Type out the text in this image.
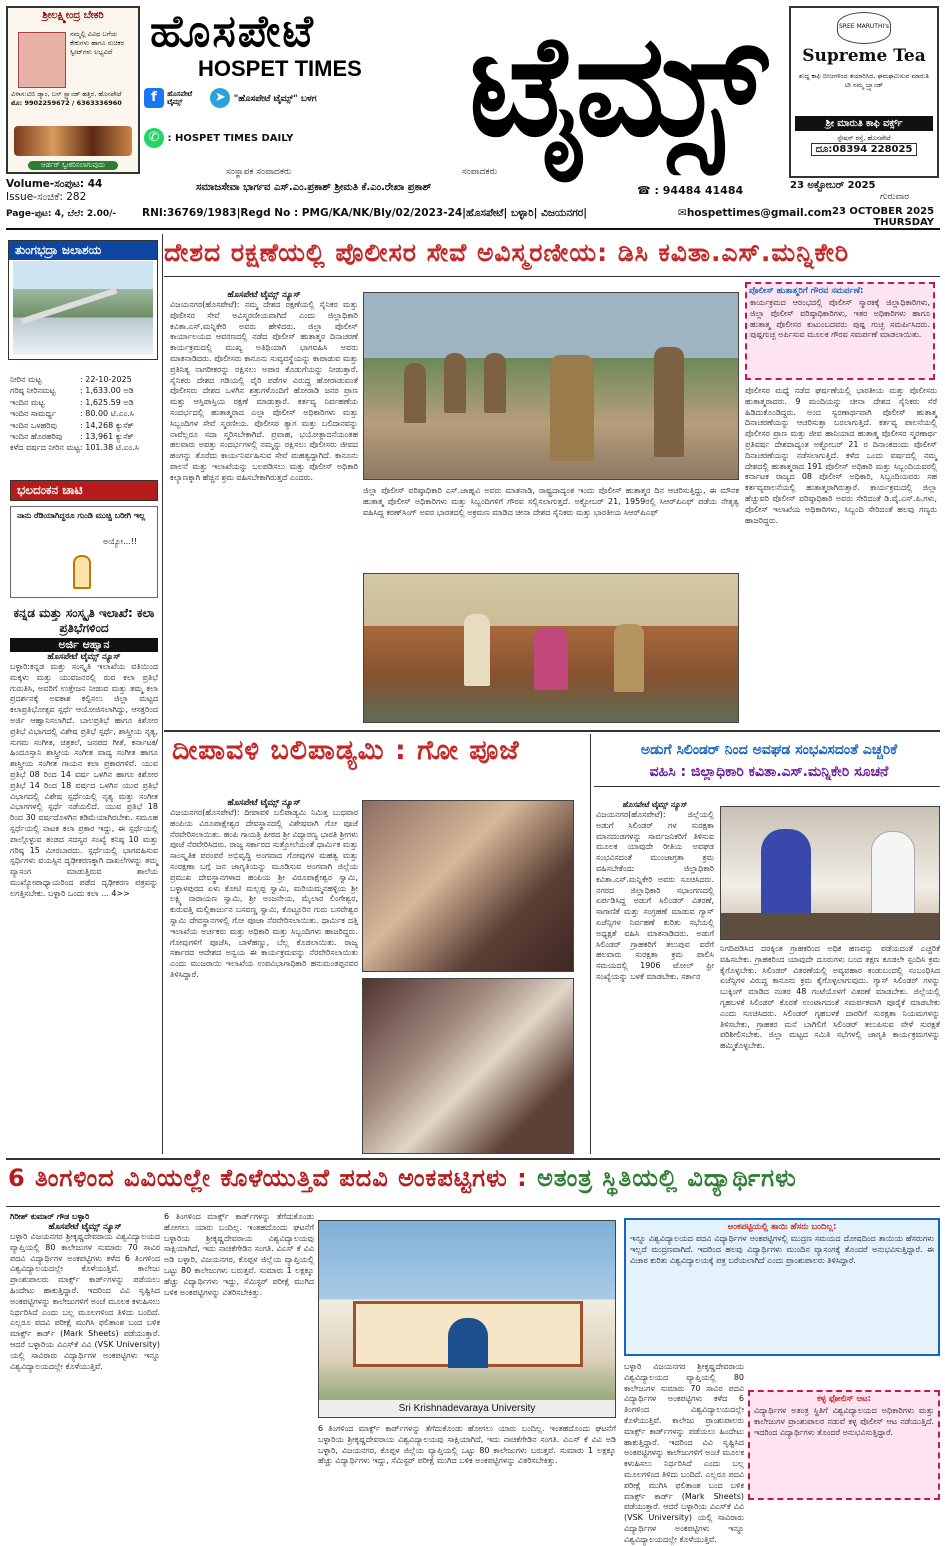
ಶ್ರೀಲಕ್ಷ್ಮೀಂದ್ರ ಬೇಕರಿ
ನಮ್ಮಲ್ಲಿ ವಿವಿಧ ಬಗೆಯ ಕೇಕುಗಳು ಹಾಗೂ ರುಚಿಕರ ಸ್ವೀಟ್‌ಗಳು ಲಭ್ಯವಿದೆ
ವಿಳಾಸ:ಟಿಬಿ ಡ್ಯಾಂ, ಬಸ್ ಸ್ಟ್ಯಾಂಡ್ ಹತ್ತಿರ, ಹೊಸಪೇಟೆ
ಮೊ: 9902259672 / 6363336960
ಆರ್ಡರ್ ಸ್ವೀಕರಿಸಲಾಗುವುದು
ಹೊಸಪೇಟೆ
HOSPET TIMES ಟೈಮ್ಸ್
f ಹೊಸಪೇಟೆ ಟೈಮ್ಸ್	➤ "ಹೊಸಪೇಟೆ ಟೈಮ್ಸ್" ಬಳಗ
✆ : HOSPET TIMES DAILY
SREE MARUTHI's
Supreme Tea
ಶುದ್ಧ ಕಾಫಿ ಬೀಜಗಳಿಂದ ತಯಾರಿಸಿದ, ಘಮಘಮಿಸುವ ಮಾರುತಿ ಟೀ ನಮ್ಮ ಬ್ರ್ಯಾಂಡ್
ಶ್ರೀ ಮಾರುತಿ ಕಾಫಿ ವರ್ಕ್ಸ್
ಸ್ಟೇಷನ್ ರಸ್ತೆ, ಹೊಸಪೇಟೆ
ದೂ:08394 228025
ಸಂಸ್ಥಾಪಕ ಸಂಪಾದಕರು	ಸಂಪಾದಕರು
ಸಮಾಜಸೇವಾ ಭಾರ್ಗವ ಎಸ್.ಎಂ.ಪ್ರಕಾಶ್ ಶ್ರೀಮತಿ ಕೆ.ಎಂ.ರೇಖಾ ಪ್ರಕಾಶ್	☎ : 94484 41484	23 ಅಕ್ಟೋಬರ್ 2025
ಗುರುವಾರ
Volume-ಸಂಪುಟ: 44
Issue-ಸಂಚಿಕೆ: 282
Page-ಪುಟ: 4, ಬೆಲೆ: 2.00/- RNI:36769/1983|Regd No : PMG/KA/NK/Bly/02/2023-24|ಹೊಸಪೇಟೆ| ಬಳ್ಳಾರಿ| ವಿಜಯನಗರ|	✉hospettimes@gmail.com 23 OCTOBER 2025
THURSDAY
ತುಂಗಭದ್ರಾ ಜಲಾಶಯ
ನೀರಿನ ಮಟ್ಟ	: 22-10-2025
ಗರಿಷ್ಠ ನೀರಿನಮಟ್ಟ	: 1,633.00 ಅಡಿ
ಇಂದಿನ ಮಟ್ಟ	: 1,625.59 ಅಡಿ
ಇಂದಿನ ಸಾಮರ್ಥ್ಯ	: 80.00 ಟಿ.ಎಂ.ಸಿ
ಇಂದಿನ ಒಳಹರಿವು	: 14,268 ಕ್ಯುಸೆಕ್
ಇಂದಿನ ಹೊರಹರಿವು	: 13,961 ಕ್ಯುಸೆಕ್
ಕಳೆದ ವರ್ಷದ ನೀರಿನ ಮಟ್ಟ : 101.38 ಟಿ.ಎಂ.ಸಿ
ಭಲದಂಕನ ಚಾಟಿ
ನಾನು ರೆಡಿಯಾಗಿದ್ದರೂ ಗುಂಡಿ ಮುಚ್ಚಿ ಬರೀಗಿ ಇಲ್ಲ
ಅಯ್ಯೋ...!!
ಕನ್ನಡ ಮತ್ತು ಸಂಸ್ಕೃತಿ ಇಲಾಖೆ: ಕಲಾ ಪ್ರತಿಭೆಗಳಿಂದ
ಅರ್ಜಿ ಆಹ್ವಾನ
ಹೊಸಪೇಟೆ ಟೈಮ್ಸ್ ನ್ಯೂಸ್
ಬಳ್ಳಾರಿ:ಕನ್ನಡ ಮತ್ತು ಸಂಸ್ಕೃತಿ ಇಲಾಖೆಯ ವತಿಯಿಂದ ಮಕ್ಕಳು ಮತ್ತು ಯುವಜನರಲ್ಲಿ ರುವ ಕಲಾ ಪ್ರತಿಭೆ ಗುರುತಿಸಿ, ಅವರಿಗೆ ಉತ್ತೇಜನ ನೀಡುವ ಮತ್ತು ತಮ್ಮ ಕಲಾ ಪ್ರದರ್ಶನಕ್ಕೆ ಅವಕಾಶ ಕಲ್ಪಿಸಲು ಜಿಲ್ಲಾ ಮಟ್ಟದ ಕಲಾಪ್ರತಿಭೋತ್ಸವ ಸ್ಪರ್ಧೆ ಆಯೋಜಿಸಲಾಗಿದ್ದು, ಆಸಕ್ತರಿಂದ ಅರ್ಜಿ ಆಹ್ವಾನಿಸಲಾಗಿದೆ. ಬಾಲಪ್ರತಿಭೆ ಹಾಗೂ ಕಿಶೋರ ಪ್ರತಿಭೆ ವಿಭಾಗದಲ್ಲಿ ವಿಶೇಷ ಪ್ರತಿಭೆ ಸ್ಪರ್ಧೆ, ಶಾಸ್ತ್ರೀಯ ನೃತ್ಯ, ಸುಗಮ ಸಂಗೀತ, ಚಿತ್ರಕಲೆ, ಜನಪದ ಗೀತೆ, ಕರ್ನಾಟಕ/ಹಿಂದೂಸ್ತಾನಿ ಶಾಸ್ತ್ರೀಯ ಸಂಗೀತ ವಾದ್ಯ ಸಂಗೀತ ಹಾಗೂ ಶಾಸ್ತ್ರೀಯ ಸಂಗೀತ ಗಾಯನ ಕಲಾ ಪ್ರಕಾರಗಳಿವೆ. ಯುವ ಪ್ರತಿಭೆ 08 ರಿಂದ 14 ವರ್ಷ ಒಳಗಿನ ಹಾಗೂ ಕಿಶೋರ ಪ್ರತಿಭೆ 14 ರಿಂದ 18 ವರ್ಷದ ಒಳಗಿನ ಯುವ ಪ್ರತಿಭೆ ವಿಭಾಗದಲ್ಲಿ ವಿಶೇಷ ಸ್ಪರ್ಧೆಯಲ್ಲಿ ನೃತ್ಯ ಮತ್ತು ಸಂಗೀತ ವಿಭಾಗಗಳಲ್ಲಿ ಸ್ಪರ್ಧೆ ನಡೆಯಲಿದೆ. ಯುವ ಪ್ರತಿಭೆ 18 ರಿಂದ 30 ವರ್ಷದೊಳಗಿನ ಕಡಿಮೆಯಾಗಿರಬೇಕು. ಸಮೂಹ ಸ್ಪರ್ಧೆಯಲ್ಲಿ ನಾಟಕ ಕಲಾ ಪ್ರಕಾರ ಇದ್ದು, ಈ ಸ್ಪರ್ಧೆಯಲ್ಲಿ ಪಾಲ್ಗೊಳ್ಳುವ ತಂಡದ ಸದಸ್ಯರ ಸಂಖ್ಯೆ ಕನಿಷ್ಠ 10 ಮತ್ತು ಗರಿಷ್ಠ 15 ಮೀರಬಾರದು. ಸ್ಪರ್ಧೆಯಲ್ಲಿ ಭಾಗವಹಿಸುವ ಸ್ಪರ್ಧಿಗಳು ವಯಸ್ಸಿನ ದೃಢೀಕರಣಕ್ಕಾಗಿ ದಾಖಲೆಗಳನ್ನು ತಮ್ಮ ವ್ಯಾಸಂಗ ಮಾಡುತ್ತಿರುವ ಶಾಲೆಯ ಮುಖ್ಯೋಪಾಧ್ಯಾಯರಿಂದ ಪಡೆದ ದೃಢೀಕರಣ ಪತ್ರವನ್ನು ಲಗತ್ತಿಸಬೇಕು. ಬಳ್ಳಾರಿ ಒಂದು ಕಲಾ ... 4>>
ದೇಶದ ರಕ್ಷಣೆಯಲ್ಲಿ ಪೊಲೀಸರ ಸೇವೆ ಅವಿಸ್ಮರಣೀಯ: ಡಿಸಿ ಕವಿತಾ.ಎಸ್.ಮನ್ನಿಕೇರಿ
ಹೊಸಪೇಟೆ ಟೈಮ್ಸ್ ನ್ಯೂಸ್
ವಿಜಯನಗರ(ಹೊಸಪೇಟೆ): ನಮ್ಮ ದೇಶದ ರಕ್ಷಣೆಯಲ್ಲಿ ಸೈನಿಕರ ಮತ್ತು ಪೊಲೀಸರ ಸೇವೆ ಅವಿಸ್ಮರಣೀಯವಾಗಿದೆ ಎಂದು ಜಿಲ್ಲಾಧಿಕಾರಿ ಕವಿತಾ.ಎಸ್.ಮನ್ನಿಕೇರಿ ಅವರು ಹೇಳಿದರು. ಜಿಲ್ಲಾ ಪೊಲೀಸ್ ಕಾರ್ಯಾಲಯದ ಆವರಣದಲ್ಲಿ ನಡೆದ ಪೊಲೀಸ್ ಹುತಾತ್ಮರ ದಿನಾಚರಣೆ ಕಾರ್ಯಕ್ರಮದಲ್ಲಿ ಮುಖ್ಯ ಅತಿಥಿಯಾಗಿ ಭಾಗವಹಿಸಿ ಅವರು ಮಾತನಾಡಿದರು. ಪೊಲೀಸರು ಕಾನೂನು ಸುವ್ಯವಸ್ಥೆಯನ್ನು ಕಾಪಾಡುವ ಮತ್ತು ಪ್ರತಿನಿತ್ಯ ನಾಗರೀಕರನ್ನು ರಕ್ಷಿಸಲು ಅಪಾರ ಕೊಡುಗೆಯನ್ನು ನೀಡುತ್ತಾರೆ. ಸೈನಿಕರು ದೇಶದ ಗಡಿಯಲ್ಲಿ ವೈರಿ ಪಡೆಗಳ ವಿರುದ್ಧ ಹೋರಾಡುವಂತೆ ಪೊಲೀಸರು ದೇಶದ ಒಳಗಿನ ಶತ್ರುಗಳೊಂದಿಗೆ ಹೋರಾಡಿ ಜನರ ಪ್ರಾಣ ಮತ್ತು ಆಸ್ತಿಪಾಸ್ತಿಯ ರಕ್ಷಣೆ ಮಾಡುತ್ತಾರೆ. ಕರ್ತವ್ಯ ನಿರ್ವಹಣೆಯ ಸಂದರ್ಭದಲ್ಲಿ ಹುತಾತ್ಮರಾದ ಎಲ್ಲಾ ಪೊಲೀಸ್ ಅಧಿಕಾರಿಗಳು ಮತ್ತು ಸಿಬ್ಬಂದಿಗಳ ಸೇವೆ ಸ್ಮರಣೀಯ. ಪೊಲೀಸರ ತ್ಯಾಗ ಮತ್ತು ಬಲಿದಾನವನ್ನು ನಾವೆಲ್ಲರೂ ಸದಾ ಸ್ಮರಿಸಬೇಕಾಗಿದೆ. ಪ್ರವಾಹ, ಭಯೋತ್ಪಾದನೆಯಂತಹ ಹಲವಾರು ಅಪತ್ತು ಸಂದರ್ಭಗಳಲ್ಲಿ ನಮ್ಮನ್ನು ರಕ್ಷಿಸಲು ಪೊಲೀಸರು ಜೀವದ ಹಂಗನ್ನು ತೊರೆದು ಕಾರ್ಯನಿರ್ವಹಿಸುವ ಸೇವೆ ಮಹತ್ವದ್ದಾಗಿದೆ. ಕಾನೂನು ಪಾಲನೆ ಮತ್ತು ಇಲಾಖೆಯನ್ನು ಬಲಪಡಿಸಲು ಮತ್ತು ಪೊಲೀಸ್ ಅಧಿಕಾರಿ ಕಲ್ಯಾಣಕ್ಕಾಗಿ ಹೆಚ್ಚಿನ ಶ್ರಮ ವಹಿಸಬೇಕಾಗಿರುತ್ತದೆ ಎಂದರು.
ಜಿಲ್ಲಾ ಪೊಲೀಸ್ ವರಿಷ್ಠಾಧಿಕಾರಿ ಎಸ್.ಜಾಹ್ನವಿ ಅವರು ಮಾತನಾಡಿ, ರಾಷ್ಟ್ರದಾದ್ಯಂತ ಇಂದು ಪೊಲೀಸ್ ಹುತಾತ್ಮರ ದಿನ ಆಚರಿಸುತ್ತಿದ್ದು, ಈ ಮೌನಕ ಹುತಾತ್ಮ ಪೊಲೀಸ್ ಅಧಿಕಾರಿಗಳು ಮತ್ತು ಸಿಬ್ಬಂದಿಗಳಿಗೆ ಗೌರವ ಸಲ್ಲಿಸಲಾಗುತ್ತದೆ. ಅಕ್ಟೋಬರ್ 21, 1959ರಲ್ಲಿ ಸಿಆರ್‌ಪಿಎಫ್ ಪಡೆಯ ನೇತೃತ್ವ ವಹಿಸಿದ್ದ ಕರಣ್‌ಸಿಂಗ್ ಅವರ ಭಾರತದಲ್ಲಿ ಅಕ್ರಮಣ ಮಾಡಿದ ಚೀನಾ ದೇಶದ ಸೈನಿಕರು ಮತ್ತು ಭಾರತೀಯ ಸಿಆರ್‌ಪಿಎಫ್
ಪೊಲೀಸ್ ಹುತಾತ್ಮರಿಗೆ ಗೌರವ ಸಮರ್ಪಣೆ:
ಕಾರ್ಯಕ್ರಮದ ಆರಂಭದಲ್ಲಿ ಪೊಲೀಸ್ ಸ್ಮಾರಕಕ್ಕೆ ಜಿಲ್ಲಾಧಿಕಾರಿಗಳು, ಜಿಲ್ಲಾ ಪೊಲೀಸ್ ವರಿಷ್ಠಾಧಿಕಾರಿಗಳು, ಇತರ ಅಧಿಕಾರಿಗಳು ಹಾಗೂ ಹುತಾತ್ಮ ಪೊಲೀಸರ ಕುಟುಂಬದವರು ಪುಷ್ಪ ಗುಚ್ಛ ಸಮರ್ಪಿಸಿದರು. ಪುಷ್ಪಗುಚ್ಛ ಅರ್ಪಿಸುವ ಮೂಲಕ ಗೌರವ ಸಮರ್ಪಣೆ ಮಾಡಲಾಯಿತು.
ಪೊಲೀಸರ ಮಧ್ಯೆ ನಡೆದ ಘರ್ಷಣೆಯಲ್ಲಿ ಭಾರತೀಯ ಮತ್ತು ಪೊಲೀಸರು ಹುತಾತ್ಮರಾದರು. 9 ಮಂದಿಯನ್ನು ಚೀನಾ ದೇಶದ ಸೈನಿಕರು ಸೆರೆ ಹಿಡಿದುಕೊಂಡಿದ್ದರು. ಅಂದ ಸ್ವರಣಾರ್ಥವಾಗಿ ಪೊಲೀಸ್ ಹುತಾತ್ಮ ದಿನಾಚರಣೆಯನ್ನು ಆಚರಿಸುತ್ತಾ ಬರಲಾಗುತ್ತಿದೆ. ಕರ್ತವ್ಯ ಪಾಲನೆಯಲ್ಲಿ ಪೊಲೀಸರ ಪ್ರಾಣ ಮತ್ತು ಜೀವ ಹಾನಿಯಾದ ಹುತಾತ್ಮ ಪೊಲೀಸರ ಸ್ಮರಣಾರ್ಥ ಪ್ರತಿವರ್ಷ ದೇಶದಾದ್ಯಂತ ಅಕ್ಟೋಬರ್ 21 ರ ದಿನಾಂಕದಂದು ಪೊಲೀಸ್ ದಿನಾಚರಣೆಯನ್ನು ನಡೆಸಲಾಗುತ್ತಿದೆ. ಕಳೆದ ಒಂದು ವರ್ಷದಲ್ಲಿ ನಮ್ಮ ದೇಶದಲ್ಲಿ ಹುತಾತ್ಮರಾದ 191 ಪೊಲೀಸ್ ಅಧಿಕಾರಿ ಮತ್ತು ಸಿಬ್ಬಂದಿಯವರಲ್ಲಿ ಕರ್ನಾಟಕ ರಾಜ್ಯದ 08 ಪೊಲೀಸ್ ಅಧಿಕಾರಿ, ಸಿಬ್ಬಂದಿಯವರು ಸಹ ಕರ್ತವ್ಯಪಾಲನೆಯಲ್ಲಿ ಹುತಾತ್ಮರಾಗಿರುತ್ತಾರೆ. ಕಾರ್ಯಕ್ರಮದಲ್ಲಿ ಜಿಲ್ಲಾ ಹೆಚ್ಚುವರಿ ಪೊಲೀಸ್ ವರಿಷ್ಠಾಧಿಕಾರಿ ಅವರು ಸೇರಿದಂತೆ ಡಿ.ವೈ.ಎಸ್.ಪಿ.ಗಳು, ಪೊಲೀಸ್ ಇಲಾಖೆಯ ಅಧಿಕಾರಿಗಳು, ಸಿಬ್ಬಂದಿ ಸೇರಿದಂತೆ ಹಲವು ಗಣ್ಯರು ಹಾಜರಿದ್ದರು.
ದೀಪಾವಳಿ ಬಲಿಪಾಡ್ಯಮಿ : ಗೋ ಪೂಜೆ
ಹೊಸಪೇಟೆ ಟೈಮ್ಸ್ ನ್ಯೂಸ್
ವಿಜಯನಗರ(ಹೊಸಪೇಟೆ): ದೀಪಾವಳಿ ಬಲಿಪಾಡ್ಯಮಿ ನಿಮಿತ್ತ ಬುಧವಾರ ಹಂಪಿಯ ವಿರೂಪಾಕ್ಷೇಶ್ವರ ದೇವಸ್ಥಾನದಲ್ಲಿ ವಿಶೇಷವಾಗಿ ಗೋ ಪೂಜೆ ನೆರವೇರಿಸಲಾಯಿತು. ಹಂಪಿ ಗಾಯತ್ರಿ ಪೀಠದ ಶ್ರೀ ವಿದ್ಯಾರಣ್ಯ ಭಾರತಿ ಶ್ರೀಗಳು ಪೂಜೆ ನೆರವೇರಿಸಿದರು. ರಾಜ್ಯ ಸರ್ಕಾರದ ಸುತ್ತೋಲೆಯಂತೆ ಧಾರ್ಮಿಕ ಮತ್ತು ಸಾಂಸ್ಕೃತಿಕ ಪರಂಪರೆ ಅಭಿವೃದ್ಧಿ ಅಂಗವಾದ ಗೋವುಗಳ ಮಹತ್ವ ಮತ್ತು ಸಂರಕ್ಷಣಾ ಬಗ್ಗೆ ಜನ ಜಾಗೃತಿಯನ್ನು ಮೂಡಿಸುವ ಅಂಗವಾಗಿ ಜಿಲ್ಲೆಯ ಪ್ರಮುಖ ದೇವಸ್ಥಾನಗಳಾದ ಹಂಪಿಯ ಶ್ರೀ ವಿರೂಪಾಕ್ಷೇಶ್ವರ ಸ್ವಾಮಿ, ಬಳ್ಳಾಳಪುರದ ಏಳು ಕೋಟಿ ಮಲ್ಲಪ್ಪ ಸ್ವಾಮಿ, ಮರಿಯಮ್ಮನಹಳ್ಳಿಯ ಶ್ರೀ ಲಕ್ಷ್ಮಿ ನಾರಾಯಣ ಸ್ವಾಮಿ, ಶ್ರೀ ಅಂಜನೇಯ, ಮೈಲಾರ ಲಿಂಗೇಶ್ವರ, ಕುರುವತ್ತಿ ಮಲ್ಲಿಕಾರ್ಜುನ ಬಸವಣ್ಣ ಸ್ವಾಮಿ, ಕೊಟ್ಟೂರಿನ ಗುರು ಬಸವೇಶ್ವರ ಸ್ವಾಮಿ ದೇವಸ್ಥಾನಗಳಲ್ಲಿ ಗೋ ಪೂಜಾ ನೆರವೇರಿಸಲಾಯಿತು. ಧಾರ್ಮಿಕ ದತ್ತಿ ಇಲಾಖೆಯ ಅರ್ಚಕರು ಮತ್ತು ಅಧಿಕಾರಿ ಮತ್ತು ಸಿಬ್ಬಂದಿಗಳು ಹಾಜರಿದ್ದರು. ಗೋವುಗಳಿಗೆ ಪೂಜೆಸಿ, ಬಾಳೆಹಣ್ಣು, ಬೆಲ್ಲ ಕೊಡಲಾಯಿತು. ರಾಜ್ಯ ಸರ್ಕಾರದ ಆದೇಶದ ಅನ್ವಯ ಈ ಕಾರ್ಯಕ್ರಮವನ್ನು ನೆರವೇರಿಸಲಾಯಿತು ಎಂದು ಮುಜರಾಯಿ ಇಲಾಖೆಯ ಉಪವಿಭಾಗಾಧಿಕಾರಿ ಹನುಮಂತಪ್ಪನವರ ತಿಳಿಸಿದ್ದಾರೆ.
ಅಡುಗೆ ಸಿಲಿಂಡರ್ ನಿಂದ ಅವಘಡ ಸಂಭವಿಸದಂತೆ ಎಚ್ಚರಿಕೆ
ವಹಿಸಿ : ಜಿಲ್ಲಾಧಿಕಾರಿ ಕವಿತಾ.ಎಸ್.ಮನ್ನಿಕೇರಿ ಸೂಚನೆ
ಹೊಸಪೇಟೆ ಟೈಮ್ಸ್ ನ್ಯೂಸ್
ವಿಜಯನಗರ(ಹೊಸಪೇಟೆ): ಜಿಲ್ಲೆಯಲ್ಲಿ ಅಡುಗೆ ಸಿಲಿಂಡರ್ ಗಳ ಸುರಕ್ಷತಾ ಮಾನದಂಡಗಳನ್ನು ಸಾರ್ವಜನಿಕರಿಗೆ ತಿಳಿಸುವ ಮೂಲಕ ಯಾವುದೇ ರೀತಿಯ ಅವಘಡ ಸಂಭವಿಸದಂತೆ ಮುಂಜಾಗ್ರತಾ ಕ್ರಮ ವಹಿಸಬೇಕೆಂದು ಜಿಲ್ಲಾಧಿಕಾರಿ ಕವಿತಾ.ಎಸ್.ಮನ್ನಿಕೇರಿ ಅವರು ಸೂಚಿಸಿದರು. ನಗರದ ಜಿಲ್ಲಾಧಿಕಾರಿ ಸಭಾಂಗಣದಲ್ಲಿ ಏರ್ಪಡಿಸಿದ್ದ ಅಡುಗೆ ಸಿಲಿಂಡರ್ ವಿತರಣೆ, ಸಾಗಾಣಿಕೆ ಮತ್ತು ಸಂಗ್ರಹಣೆ ಮಾಡುವ ಗ್ಯಾಸ್ ಏಜೆನ್ಸಿಗಳ ನಿರ್ವಹಣೆ ಕುರಿತು ಸಭೆಯಲ್ಲಿ ಅಧ್ಯಕ್ಷತೆ ವಹಿಸಿ ಮಾತನಾಡಿದರು. ಅಡುಗೆ ಸಿಲಿಂಡರ್ ಗ್ರಾಹಕರಿಗೆ ತಲುಪುವ ವರೆಗೆ ಹಲವಾರು ಸುರಕ್ಷತಾ ಕ್ರಮ ಪಾಲಿಸಿ ಸಮಯದಲ್ಲಿ 1906 ಟೋಲ್ ಫ್ರೀ ಸಂಖ್ಯೆಯನ್ನು ಬಳಕೆ ಮಾಡಬೇಕು. ಸರ್ಕಾರ
ನಿಗದಿಪಡಿಸಿದ ದರಕ್ಕಿಂತ ಗ್ರಾಹಕರಿಂದ ಅಧಿಕ ಹಣವನ್ನು ಪಡೆಯದಂತೆ ಎಚ್ಚರಿಕೆ ವಹಿಸಬೇಕು. ಗ್ರಾಹಕರಿಂದ ಯಾವುದೇ ದೂರುಗಳು ಬಂದ ತಕ್ಷಣ ಕೂಡಲೇ ಸ್ಪಂದಿಸಿ ಕ್ರಮ ಕೈಗೊಳ್ಳಬೇಕು. ಸಿಲಿಂಡರ್ ವಿತರಣೆಯಲ್ಲಿ ಅವ್ಯವಹಾರ ಕಂಡುಬಂದಲ್ಲಿ ಸಂಬಂಧಿಸಿದ ಏಜೆನ್ಸಿಗಳ ವಿರುದ್ಧ ಕಾನೂನು ಕ್ರಮ ಕೈಗೊಳ್ಳಲಾಗುವುದು. ಗ್ಯಾಸ್ ಸಿಲಿಂಡರ್ ಗಳನ್ನು ಬುಕ್ಕಿಂಗ್ ಮಾಡಿದ ನಂತರ 48 ಗಂಟೆಯೊಳಗೆ ವಿತರಣೆ ಮಾಡಬೇಕು. ಜಿಲ್ಲೆಯಲ್ಲಿ ಗೃಹಬಳಕೆ ಸಿಲಿಂಡರ್ ಕೊರತೆ ಉಂಟಾಗದಂತೆ ಸಮರ್ಪಕವಾಗಿ ಪೂರೈಕೆ ಮಾಡಬೇಕು ಎಂದು ಸೂಚಿಸಿದರು. ಸಿಲಿಂಡರ್ ಗೃಹಬಳಕೆ ದಾರರಿಗೆ ಸುರಕ್ಷತಾ ನಿಯಮಗಳನ್ನು ತಿಳಿಸಬೇಕು, ಗ್ರಾಹಕರ ಮನೆ ಬಾಗಿಲಿಗೆ ಸಿಲಿಂಡರ್ ತಲುಪಿಸುವ ವೇಳೆ ಸುರಕ್ಷತೆ ಪರಿಶೀಲಿಸಬೇಕು. ಜಿಲ್ಲಾ ಮಟ್ಟದ ಸಮಿತಿ ಸಭೆಗಳಲ್ಲಿ ಜಾಗೃತಿ ಕಾರ್ಯಕ್ರಮಗಳನ್ನು ಹಮ್ಮಿಕೊಳ್ಳಬೇಕು.
6 ತಿಂಗಳಿಂದ ವಿವಿಯಲ್ಲೇ ಕೊಳೆಯುತ್ತಿವೆ ಪದವಿ ಅಂಕಪಟ್ಟಿಗಳು : ಅತಂತ್ರ ಸ್ಥಿತಿಯಲ್ಲಿ ವಿದ್ಯಾರ್ಥಿಗಳು
ಗಿರೀಶ್ ಕುಮಾರ್ ಗೌಡ ಬಳ್ಳಾರಿ
ಹೊಸಪೇಟೆ ಟೈಮ್ಸ್ ನ್ಯೂಸ್
ಬಳ್ಳಾರಿ ವಿಜಯನಗರ ಶ್ರೀಕೃಷ್ಣದೇವರಾಯ ವಿಶ್ವವಿದ್ಯಾಲಯದ ವ್ಯಾಪ್ತಿಯಲ್ಲಿ 80 ಕಾಲೇಜುಗಳ ಸುಮಾರು 70 ಸಾವಿರ ಪದವಿ ವಿದ್ಯಾರ್ಥಿಗಳ ಅಂಕಪಟ್ಟಿಗಳು ಕಳೆದ 6 ತಿಂಗಳಿಂದ ವಿಶ್ವವಿದ್ಯಾಲಯದಲ್ಲೇ ಕೊಳೆಯುತ್ತಿವೆ. ಕಾಲೇಜು ಪ್ರಾಂಶುಪಾಲರು ಮಾರ್ಕ್ಸ್ ಕಾರ್ಡ್‌ಗಳನ್ನು ಪಡೆಯಲು ಹಿಂದೇಟು ಹಾಕುತ್ತಿದ್ದಾರೆ. ಇದರಿಂದ ವಿವಿ ಸೃಷ್ಟಿಸಿದ ಅಂಕಪಟ್ಟಿಗಳನ್ನು ಕಾಲೇಜುಗಳಿಗೆ ಅಂಚೆ ಮೂಲಕ ಕಳುಹಿಸಲು ನಿರ್ಧರಿಸಿದೆ ಎಂದು ಬಲ್ಲ ಮೂಲಗಳಿಂದ ತಿಳಿದು ಬಂದಿದೆ. ಎಲ್ಲರೂ ಪದವಿ ಪರೀಕ್ಷೆ ಮುಗಿಸಿ ಫಲಿತಾಂಶ ಬಂದ ಬಳಿಕ ಮಾರ್ಕ್ಸ್ ಕಾರ್ಡ್ (Mark Sheets) ಪಡೆಯುತ್ತಾರೆ. ಆದರೆ ಬಳ್ಳಾರಿಯ ವಿಎಸ್‌ಕೆ ವಿವಿ (VSK University) ಯಲ್ಲಿ ಸಾವಿರಾರು ವಿದ್ಯಾರ್ಥಿಗಳ ಅಂಕಪಟ್ಟಿಗಳು ಇನ್ನೂ ವಿಶ್ವವಿದ್ಯಾಲಯದಲ್ಲೇ ಕೊಳೆಯುತ್ತಿವೆ.
6 ತಿಂಗಳಿಂದ ಮಾರ್ಕ್ಸ್ ಕಾರ್ಡ್‌ಗಳನ್ನು ತೆಗೆದುಕೊಂಡು ಹೋಗಲು ಯಾರು ಬಂದಿಲ್ಲ. ಇಂತಹದೊಂದು ಘಟನೆಗೆ ಬಳ್ಳಾರಿಯ ಶ್ರೀಕೃಷ್ಣದೇವರಾಯ ವಿಶ್ವವಿದ್ಯಾಲಯವು ಸಾಕ್ಷಿಯಾಗಿದೆ, ಇದು ನಾಚಿಕೆಗೇಡಿನ ಸಂಗತಿ. ವಿಎಸ್ ಕೆ ವಿವಿ ಅಡಿ ಬಳ್ಳಾರಿ, ವಿಜಯನಗರ, ಕೊಪ್ಪಳ ಜಿಲ್ಲೆಯ ವ್ಯಾಪ್ತಿಯಲ್ಲಿ ಒಟ್ಟು 80 ಕಾಲೇಜುಗಳು ಬರುತ್ತವೆ. ಸುಮಾರು 1 ಲಕ್ಷಕ್ಕೂ ಹೆಚ್ಚು ವಿದ್ಯಾರ್ಥಿಗಳು ಇದ್ದು, ಸೆಮಿಸ್ಟರ್ ಪರೀಕ್ಷೆ ಮುಗಿದ ಬಳಿಕ ಅಂಕಪಟ್ಟಿಗಳನ್ನು ವಿತರಿಸಬೇಕಿತ್ತು.
Sri Krishnadevaraya University
6 ತಿಂಗಳಿಂದ ಮಾರ್ಕ್ಸ್ ಕಾರ್ಡ್‌ಗಳನ್ನು ತೆಗೆದುಕೊಂಡು ಹೋಗಲು ಯಾರು ಬಂದಿಲ್ಲ. ಇಂತಹದೊಂದು ಘಟನೆಗೆ ಬಳ್ಳಾರಿಯ ಶ್ರೀಕೃಷ್ಣದೇವರಾಯ ವಿಶ್ವವಿದ್ಯಾಲಯವು ಸಾಕ್ಷಿಯಾಗಿದೆ, ಇದು ನಾಚಿಕೆಗೇಡಿನ ಸಂಗತಿ. ವಿಎಸ್ ಕೆ ವಿವಿ ಅಡಿ ಬಳ್ಳಾರಿ, ವಿಜಯನಗರ, ಕೊಪ್ಪಳ ಜಿಲ್ಲೆಯ ವ್ಯಾಪ್ತಿಯಲ್ಲಿ ಒಟ್ಟು 80 ಕಾಲೇಜುಗಳು ಬರುತ್ತವೆ. ಸುಮಾರು 1 ಲಕ್ಷಕ್ಕೂ ಹೆಚ್ಚು ವಿದ್ಯಾರ್ಥಿಗಳು ಇದ್ದು, ಸೆಮಿಸ್ಟರ್ ಪರೀಕ್ಷೆ ಮುಗಿದ ಬಳಿಕ ಅಂಕಪಟ್ಟಿಗಳನ್ನು ವಿತರಿಸಬೇಕಿತ್ತು.
ಅಂಕಪಟ್ಟಿಯಲ್ಲಿ ತಾಯಿ ಹೆಸರು ಬಂದಿಲ್ಲ:
ಇನ್ನೂ ವಿಶ್ವವಿದ್ಯಾಲಯದ ಪದವಿ ವಿದ್ಯಾರ್ಥಿಗಳ ಅಂಕಪಟ್ಟಿಗಳಲ್ಲಿ ಮುದ್ರಣ ಸಮಯದ ದೋಷದಿಂದ ತಾಯಿಯ ಹೆಸರುಗಳು ಇಲ್ಲದೆ ಮುದ್ರಣವಾಗಿದೆ. ಇದರಿಂದ ಹಲವು ವಿದ್ಯಾರ್ಥಿಗಳು ಮುಂದಿನ ವ್ಯಾಸಂಗಕ್ಕೆ ತೊಂದರೆ ಅನುಭವಿಸುತ್ತಿದ್ದಾರೆ. ಈ ವಿಚಾರ ಕುರಿತು ವಿಶ್ವವಿದ್ಯಾಲಯಕ್ಕೆ ಪತ್ರ ಬರೆಯಲಾಗಿದೆ ಎಂದು ಪ್ರಾಂಶುಪಾಲರು ತಿಳಿಸಿದ್ದಾರೆ.
ಬಳ್ಳಾರಿ ವಿಜಯನಗರ ಶ್ರೀಕೃಷ್ಣದೇವರಾಯ ವಿಶ್ವವಿದ್ಯಾಲಯದ ವ್ಯಾಪ್ತಿಯಲ್ಲಿ 80 ಕಾಲೇಜುಗಳ ಸುಮಾರು 70 ಸಾವಿರ ಪದವಿ ವಿದ್ಯಾರ್ಥಿಗಳ ಅಂಕಪಟ್ಟಿಗಳು ಕಳೆದ 6 ತಿಂಗಳಿಂದ ವಿಶ್ವವಿದ್ಯಾಲಯದಲ್ಲೇ ಕೊಳೆಯುತ್ತಿವೆ. ಕಾಲೇಜು ಪ್ರಾಂಶುಪಾಲರು ಮಾರ್ಕ್ಸ್ ಕಾರ್ಡ್‌ಗಳನ್ನು ಪಡೆಯಲು ಹಿಂದೇಟು ಹಾಕುತ್ತಿದ್ದಾರೆ. ಇದರಿಂದ ವಿವಿ ಸೃಷ್ಟಿಸಿದ ಅಂಕಪಟ್ಟಿಗಳನ್ನು ಕಾಲೇಜುಗಳಿಗೆ ಅಂಚೆ ಮೂಲಕ ಕಳುಹಿಸಲು ನಿರ್ಧರಿಸಿದೆ ಎಂದು ಬಲ್ಲ ಮೂಲಗಳಿಂದ ತಿಳಿದು ಬಂದಿದೆ. ಎಲ್ಲರೂ ಪದವಿ ಪರೀಕ್ಷೆ ಮುಗಿಸಿ ಫಲಿತಾಂಶ ಬಂದ ಬಳಿಕ ಮಾರ್ಕ್ಸ್ ಕಾರ್ಡ್ (Mark Sheets) ಪಡೆಯುತ್ತಾರೆ. ಆದರೆ ಬಳ್ಳಾರಿಯ ವಿಎಸ್‌ಕೆ ವಿವಿ (VSK University) ಯಲ್ಲಿ ಸಾವಿರಾರು ವಿದ್ಯಾರ್ಥಿಗಳ ಅಂಕಪಟ್ಟಿಗಳು ಇನ್ನೂ ವಿಶ್ವವಿದ್ಯಾಲಯದಲ್ಲೇ ಕೊಳೆಯುತ್ತಿವೆ.
ಕಳ್ಳ ಫೋಲಿಸ್ ಆಟ:
ವಿದ್ಯಾರ್ಥಿಗಳ ಅತಂತ್ರ ಸ್ಥಿತಿಗೆ ವಿಶ್ವವಿದ್ಯಾಲಯದ ಅಧಿಕಾರಿಗಳು ಮತ್ತು ಕಾಲೇಜುಗಳ ಪ್ರಾಂಶುಪಾಲರ ನಡುವೆ ಕಳ್ಳ ಪೊಲೀಸ್ ಆಟ ನಡೆಯುತ್ತಿದೆ. ಇದರಿಂದ ವಿದ್ಯಾರ್ಥಿಗಳು ತೊಂದರೆ ಅನುಭವಿಸುತ್ತಿದ್ದಾರೆ.
